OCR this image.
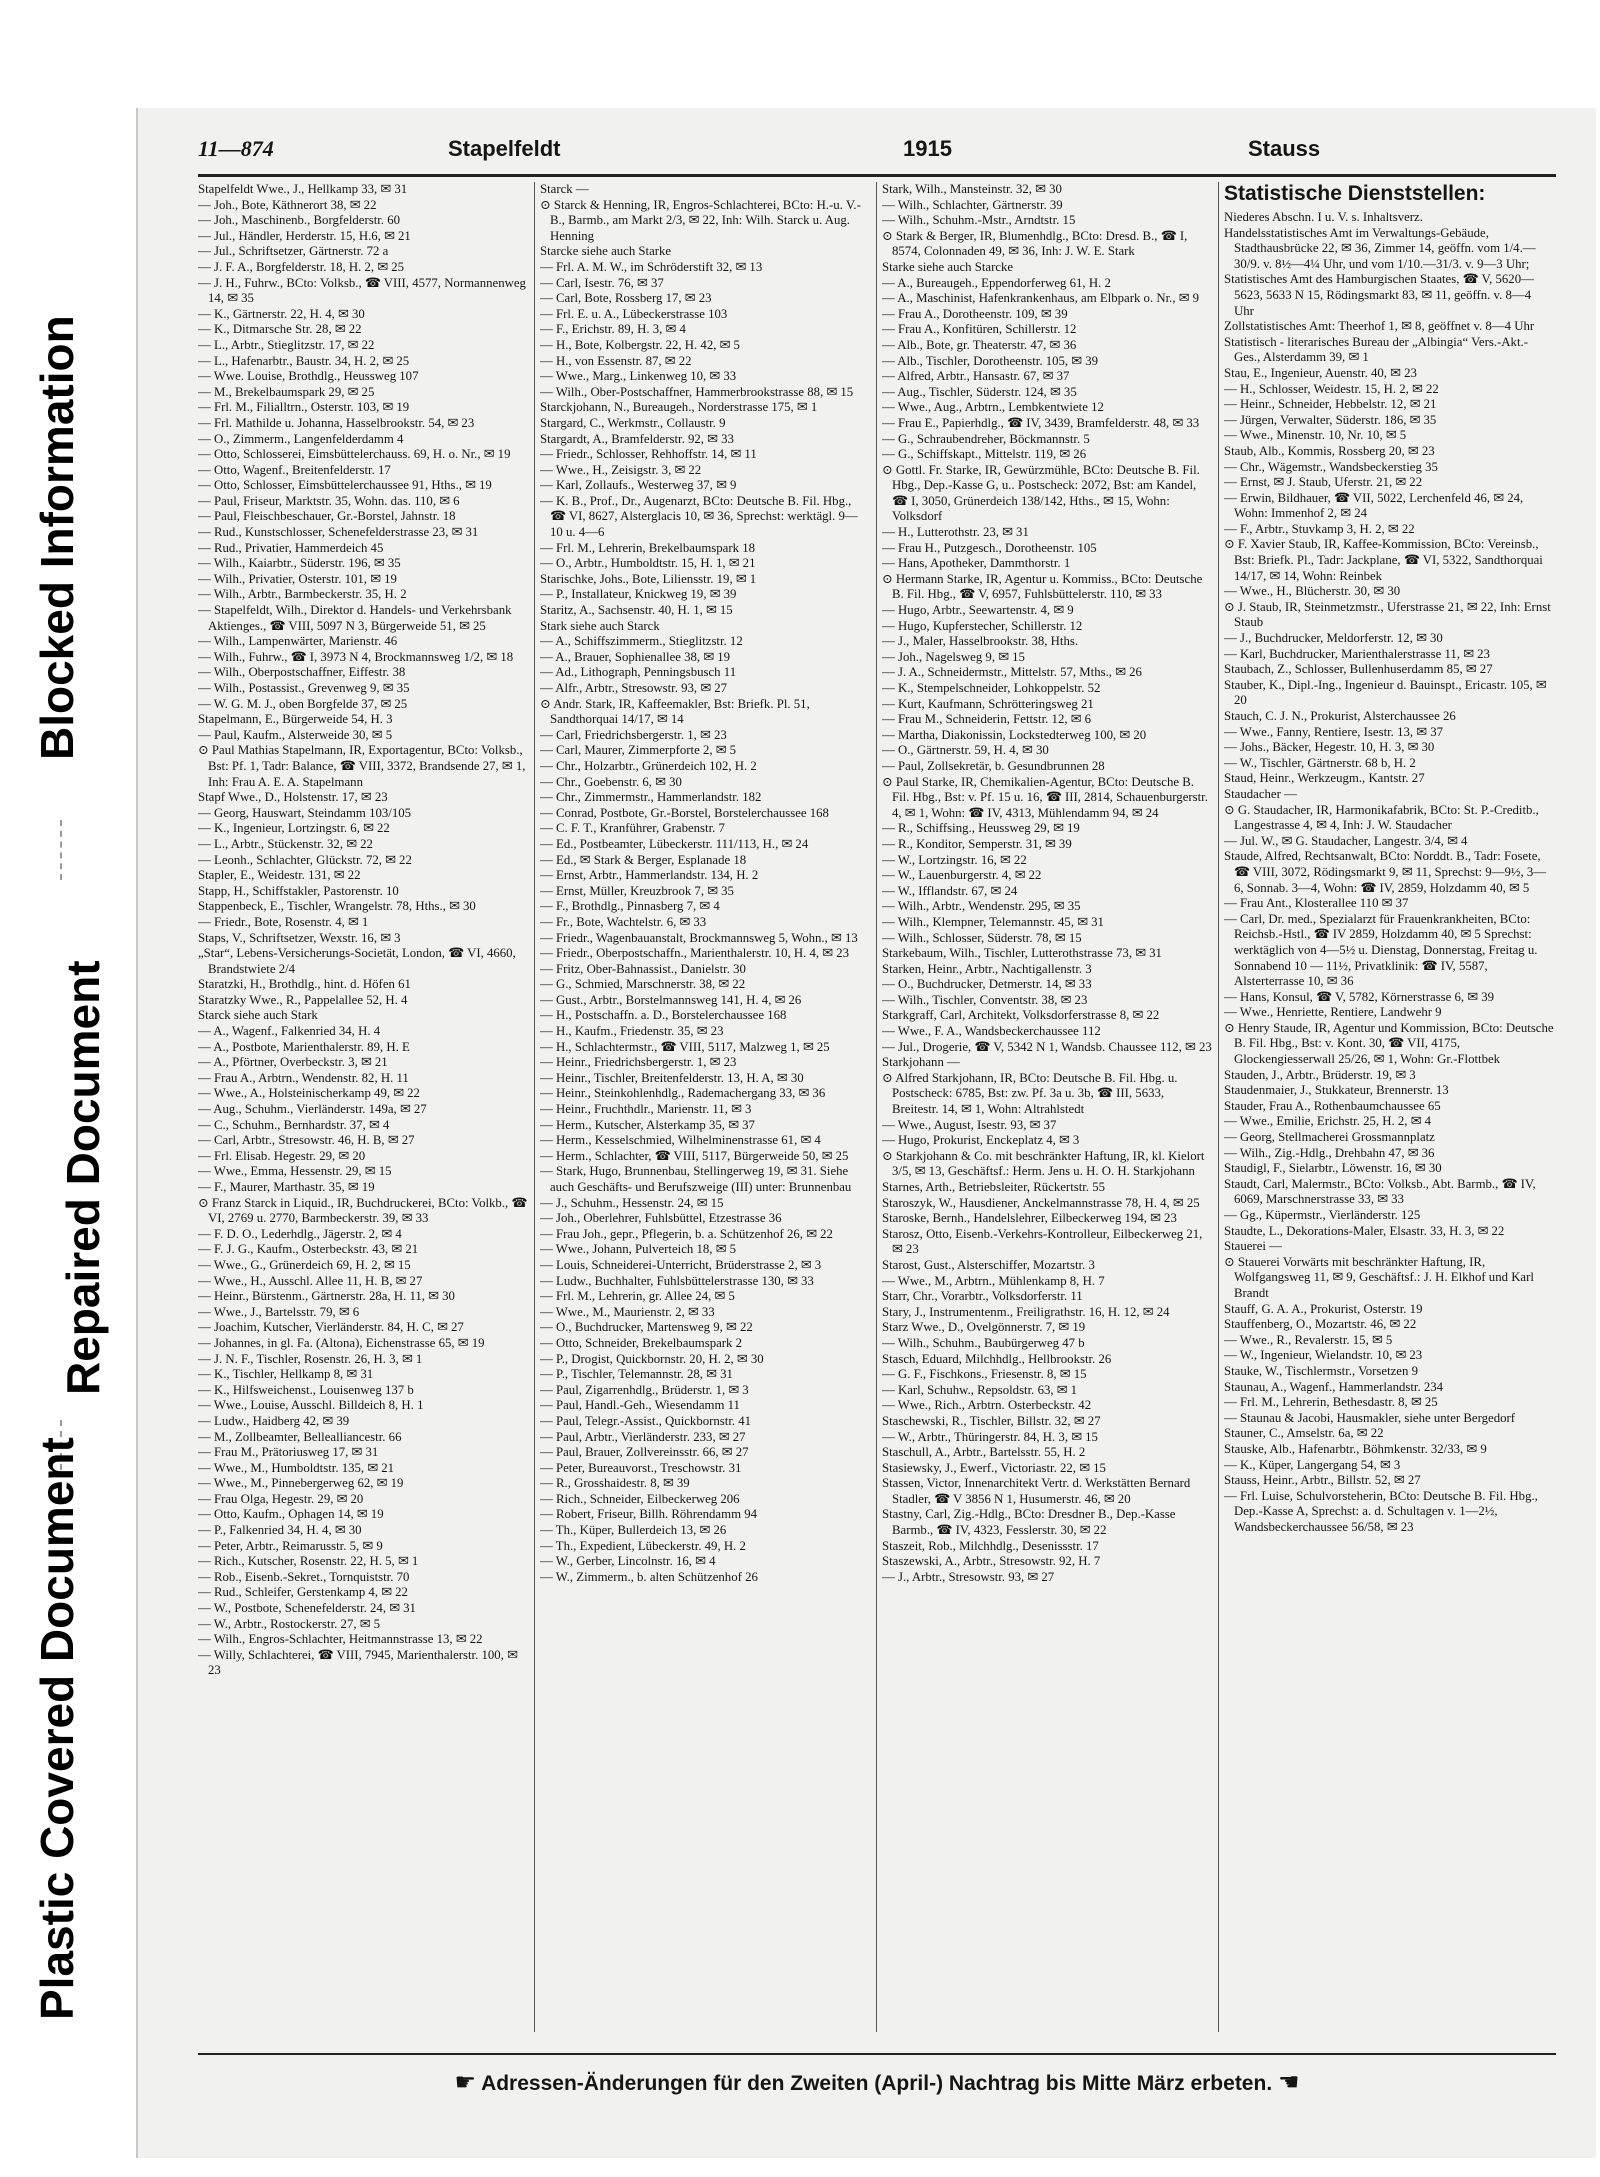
Blocked Information
Repaired Document
Plastic Covered Document
11—874	Stapelfeldt	1915	Stauss

Stapelfeldt Wwe., J., Hellkamp 33, ✉ 31

— Joh., Bote, Käthnerort 38, ✉ 22

— Joh., Maschinenb., Borgfelderstr. 60

— Jul., Händler, Herderstr. 15, H.6, ✉ 21

— Jul., Schriftsetzer, Gärtnerstr. 72 a

— J. F. A., Borgfelderstr. 18, H. 2, ✉ 25

— J. H., Fuhrw., BCto: Volksb., ☎ VIII, 4577, Normannenweg 14, ✉ 35

— K., Gärtnerstr. 22, H. 4, ✉ 30

— K., Ditmarsche Str. 28, ✉ 22

— L., Arbtr., Stieglitzstr. 17, ✉ 22

— L., Hafenarbtr., Baustr. 34, H. 2, ✉ 25

— Wwe. Louise, Brothdlg., Heussweg 107

— M., Brekelbaumspark 29, ✉ 25

— Frl. M., Filialltrn., Osterstr. 103, ✉ 19

— Frl. Mathilde u. Johanna, Hasselbrookstr. 54, ✉ 23

— O., Zimmerm., Langenfelderdamm 4

— Otto, Schlosserei, Eimsbüttelerchauss. 69, H. o. Nr., ✉ 19

— Otto, Wagenf., Breitenfelderstr. 17

— Otto, Schlosser, Eimsbüttelerchaussee 91, Hths., ✉ 19

— Paul, Friseur, Marktstr. 35, Wohn. das. 110, ✉ 6

— Paul, Fleischbeschauer, Gr.-Borstel, Jahnstr. 18

— Rud., Kunstschlosser, Schenefelderstrasse 23, ✉ 31

— Rud., Privatier, Hammerdeich 45

— Wilh., Kaiarbtr., Süderstr. 196, ✉ 35

— Wilh., Privatier, Osterstr. 101, ✉ 19

— Wilh., Arbtr., Barmbeckerstr. 35, H. 2

— Stapelfeldt, Wilh., Direktor d. Handels- und Verkehrsbank Aktienges., ☎ VIII, 5097 N 3, Bürgerweide 51, ✉ 25

— Wilh., Lampenwärter, Marienstr. 46

— Wilh., Fuhrw., ☎ I, 3973 N 4, Brockmannsweg 1/2, ✉ 18

— Wilh., Oberpostschaffner, Eiffestr. 38

— Wilh., Postassist., Grevenweg 9, ✉ 35

— W. G. M. J., oben Borgfelde 37, ✉ 25

Stapelmann, E., Bürgerweide 54, H. 3

— Paul, Kaufm., Alsterweide 30, ✉ 5

⊙ Paul Mathias Stapelmann, IR, Exportagentur, BCto: Volksb., Bst: Pf. 1, Tadr: Balance, ☎ VIII, 3372, Brandsende 27, ✉ 1, Inh: Frau A. E. A. Stapelmann

Stapf Wwe., D., Holstenstr. 17, ✉ 23

— Georg, Hauswart, Steindamm 103/105

— K., Ingenieur, Lortzingstr. 6, ✉ 22

— L., Arbtr., Stückenstr. 32, ✉ 22

— Leonh., Schlachter, Glückstr. 72, ✉ 22

Stapler, E., Weidestr. 131, ✉ 22

Stapp, H., Schiffstakler, Pastorenstr. 10

Stappenbeck, E., Tischler, Wrangelstr. 78, Hths., ✉ 30

— Friedr., Bote, Rosenstr. 4, ✉ 1

Staps, V., Schriftsetzer, Wexstr. 16, ✉ 3

„Star“, Lebens-Versicherungs-Societät, London, ☎ VI, 4660, Brandstwiete 2/4

Staratzki, H., Brothdlg., hint. d. Höfen 61

Staratzky Wwe., R., Pappelallee 52, H. 4

Starck siehe auch Stark

— A., Wagenf., Falkenried 34, H. 4

— A., Postbote, Marienthalerstr. 89, H. E

— A., Pförtner, Overbeckstr. 3, ✉ 21

— Frau A., Arbtrn., Wendenstr. 82, H. 11

— Wwe., A., Holsteinischerkamp 49, ✉ 22

— Aug., Schuhm., Vierländerstr. 149a, ✉ 27

— C., Schuhm., Bernhardstr. 37, ✉ 4

— Carl, Arbtr., Stresowstr. 46, H. B, ✉ 27

— Frl. Elisab. Hegestr. 29, ✉ 20

— Wwe., Emma, Hessenstr. 29, ✉ 15

— F., Maurer, Marthastr. 35, ✉ 19

⊙ Franz Starck in Liquid., IR, Buchdruckerei, BCto: Volkb., ☎ VI, 2769 u. 2770, Barmbeckerstr. 39, ✉ 33

— F. D. O., Lederhdlg., Jägerstr. 2, ✉ 4

— F. J. G., Kaufm., Osterbeckstr. 43, ✉ 21

— Wwe., G., Grünerdeich 69, H. 2, ✉ 15

— Wwe., H., Ausschl. Allee 11, H. B, ✉ 27

— Heinr., Bürstenm., Gärtnerstr. 28a, H. 11, ✉ 30

— Wwe., J., Bartelsstr. 79, ✉ 6

— Joachim, Kutscher, Vierländerstr. 84, H. C, ✉ 27

— Johannes, in gl. Fa. (Altona), Eichenstrasse 65, ✉ 19

— J. N. F., Tischler, Rosenstr. 26, H. 3, ✉ 1

— K., Tischler, Hellkamp 8, ✉ 31

— K., Hilfsweichenst., Louisenweg 137 b

— Wwe., Louise, Ausschl. Billdeich 8, H. 1

— Ludw., Haidberg 42, ✉ 39

— M., Zollbeamter, Bellealliancestr. 66

— Frau M., Prätoriusweg 17, ✉ 31

— Wwe., M., Humboldtstr. 135, ✉ 21

— Wwe., M., Pinnebergerweg 62, ✉ 19

— Frau Olga, Hegestr. 29, ✉ 20

— Otto, Kaufm., Ophagen 14, ✉ 19

— P., Falkenried 34, H. 4, ✉ 30

— Peter, Arbtr., Reimarusstr. 5, ✉ 9

— Rich., Kutscher, Rosenstr. 22, H. 5, ✉ 1

— Rob., Eisenb.-Sekret., Tornquiststr. 70

— Rud., Schleifer, Gerstenkamp 4, ✉ 22

— W., Postbote, Schenefelderstr. 24, ✉ 31

— W., Arbtr., Rostockerstr. 27, ✉ 5

— Wilh., Engros-Schlachter, Heitmannstrasse 13, ✉ 22

— Willy, Schlachterei, ☎ VIII, 7945, Marienthalerstr. 100, ✉ 23

Starck —

⊙ Starck & Henning, IR, Engros-Schlachterei, BCto: H.-u. V.-B., Barmb., am Markt 2/3, ✉ 22, Inh: Wilh. Starck u. Aug. Henning

Starcke siehe auch Starke

— Frl. A. M. W., im Schröderstift 32, ✉ 13

— Carl, Isestr. 76, ✉ 37

— Carl, Bote, Rossberg 17, ✉ 23

— Frl. E. u. A., Lübeckerstrasse 103

— F., Erichstr. 89, H. 3, ✉ 4

— H., Bote, Kolbergstr. 22, H. 42, ✉ 5

— H., von Essenstr. 87, ✉ 22

— Wwe., Marg., Linkenweg 10, ✉ 33

— Wilh., Ober-Postschaffner, Hammerbrookstrasse 88, ✉ 15

Starckjohann, N., Bureaugeh., Norderstrasse 175, ✉ 1

Stargard, C., Werkmstr., Collaustr. 9

Stargardt, A., Bramfelderstr. 92, ✉ 33

— Friedr., Schlosser, Rehhoffstr. 14, ✉ 11

— Wwe., H., Zeisigstr. 3, ✉ 22

— Karl, Zollaufs., Westerweg 37, ✉ 9

— K. B., Prof., Dr., Augenarzt, BCto: Deutsche B. Fil. Hbg., ☎ VI, 8627, Alsterglacis 10, ✉ 36, Sprechst: werktägl. 9—10 u. 4—6

— Frl. M., Lehrerin, Brekelbaumspark 18

— O., Arbtr., Humboldtstr. 15, H. 1, ✉ 21

Starischke, Johs., Bote, Liliensstr. 19, ✉ 1

— P., Installateur, Knickweg 19, ✉ 39

Staritz, A., Sachsenstr. 40, H. 1, ✉ 15

Stark siehe auch Starck

— A., Schiffszimmerm., Stieglitzstr. 12

— A., Brauer, Sophienallee 38, ✉ 19

— Ad., Lithograph, Penningsbusch 11

— Alfr., Arbtr., Stresowstr. 93, ✉ 27

⊙ Andr. Stark, IR, Kaffeemakler, Bst: Briefk. Pl. 51, Sandthorquai 14/17, ✉ 14

— Carl, Friedrichsbergerstr. 1, ✉ 23

— Carl, Maurer, Zimmerpforte 2, ✉ 5

— Chr., Holzarbtr., Grünerdeich 102, H. 2

— Chr., Goebenstr. 6, ✉ 30

— Chr., Zimmermstr., Hammerlandstr. 182

— Conrad, Postbote, Gr.-Borstel, Borstelerchaussee 168

— C. F. T., Kranführer, Grabenstr. 7

— Ed., Postbeamter, Lübeckerstr. 111/113, H., ✉ 24

— Ed., ✉ Stark & Berger, Esplanade 18

— Ernst, Arbtr., Hammerlandstr. 134, H. 2

— Ernst, Müller, Kreuzbrook 7, ✉ 35

— F., Brothdlg., Pinnasberg 7, ✉ 4

— Fr., Bote, Wachtelstr. 6, ✉ 33

— Friedr., Wagenbauanstalt, Brockmannsweg 5, Wohn., ✉ 13

— Friedr., Oberpostschaffn., Marienthalerstr. 10, H. 4, ✉ 23

— Fritz, Ober-Bahnassist., Danielstr. 30

— G., Schmied, Marschnerstr. 38, ✉ 22

— Gust., Arbtr., Borstelmannsweg 141, H. 4, ✉ 26

— H., Postschaffn. a. D., Borstelerchaussee 168

— H., Kaufm., Friedenstr. 35, ✉ 23

— H., Schlachtermstr., ☎ VIII, 5117, Malzweg 1, ✉ 25

— Heinr., Friedrichsbergerstr. 1, ✉ 23

— Heinr., Tischler, Breitenfelderstr. 13, H. A, ✉ 30

— Heinr., Steinkohlenhdlg., Rademachergang 33, ✉ 36

— Heinr., Fruchthdlr., Marienstr. 11, ✉ 3

— Herm., Kutscher, Alsterkamp 35, ✉ 37

— Herm., Kesselschmied, Wilhelminenstrasse 61, ✉ 4

— Herm., Schlachter, ☎ VIII, 5117, Bürgerweide 50, ✉ 25

— Stark, Hugo, Brunnenbau, Stellingerweg 19, ✉ 31. Siehe auch Geschäfts- und Berufszweige (III) unter: Brunnenbau

— J., Schuhm., Hessenstr. 24, ✉ 15

— Joh., Oberlehrer, Fuhlsbüttel, Etzestrasse 36

— Frau Joh., gepr., Pflegerin, b. a. Schützenhof 26, ✉ 22

— Wwe., Johann, Pulverteich 18, ✉ 5

— Louis, Schneiderei-Unterricht, Brüderstrasse 2, ✉ 3

— Ludw., Buchhalter, Fuhlsbüttelerstrasse 130, ✉ 33

— Frl. M., Lehrerin, gr. Allee 24, ✉ 5

— Wwe., M., Maurienstr. 2, ✉ 33

— O., Buchdrucker, Martensweg 9, ✉ 22

— Otto, Schneider, Brekelbaumspark 2

— P., Drogist, Quickbornstr. 20, H. 2, ✉ 30

— P., Tischler, Telemannstr. 28, ✉ 31

— Paul, Zigarrenhdlg., Brüderstr. 1, ✉ 3

— Paul, Handl.-Geh., Wiesendamm 11

— Paul, Telegr.-Assist., Quickbornstr. 41

— Paul, Arbtr., Vierländerstr. 233, ✉ 27

— Paul, Brauer, Zollvereinsstr. 66, ✉ 27

— Peter, Bureauvorst., Treschowstr. 31

— R., Grosshaidestr. 8, ✉ 39

— Rich., Schneider, Eilbeckerweg 206

— Robert, Friseur, Billh. Röhrendamm 94

— Th., Küper, Bullerdeich 13, ✉ 26

— Th., Expedient, Lübeckerstr. 49, H. 2

— W., Gerber, Lincolnstr. 16, ✉ 4

— W., Zimmerm., b. alten Schützenhof 26

Stark, Wilh., Mansteinstr. 32, ✉ 30

— Wilh., Schlachter, Gärtnerstr. 39

— Wilh., Schuhm.-Mstr., Arndtstr. 15

⊙ Stark & Berger, IR, Blumenhdlg., BCto: Dresd. B., ☎ I, 8574, Colonnaden 49, ✉ 36, Inh: J. W. E. Stark

Starke siehe auch Starcke

— A., Bureaugeh., Eppendorferweg 61, H. 2

— A., Maschinist, Hafenkrankenhaus, am Elbpark o. Nr., ✉ 9

— Frau A., Dorotheenstr. 109, ✉ 39

— Frau A., Konfitüren, Schillerstr. 12

— Alb., Bote, gr. Theaterstr. 47, ✉ 36

— Alb., Tischler, Dorotheenstr. 105, ✉ 39

— Alfred, Arbtr., Hansastr. 67, ✉ 37

— Aug., Tischler, Süderstr. 124, ✉ 35

— Wwe., Aug., Arbtrn., Lembkentwiete 12

— Frau E., Papierhdlg., ☎ IV, 3439, Bramfelderstr. 48, ✉ 33

— G., Schraubendreher, Böckmannstr. 5

— G., Schiffskapt., Mittelstr. 119, ✉ 26

⊙ Gottl. Fr. Starke, IR, Gewürzmühle, BCto: Deutsche B. Fil. Hbg., Dep.-Kasse G, u.. Postscheck: 2072, Bst: am Kandel, ☎ I, 3050, Grünerdeich 138/142, Hths., ✉ 15, Wohn: Volksdorf

— H., Lutterothstr. 23, ✉ 31

— Frau H., Putzgesch., Dorotheenstr. 105

— Hans, Apotheker, Dammthorstr. 1

⊙ Hermann Starke, IR, Agentur u. Kommiss., BCto: Deutsche B. Fil. Hbg., ☎ V, 6957, Fuhlsbüttelerstr. 110, ✉ 33

— Hugo, Arbtr., Seewartenstr. 4, ✉ 9

— Hugo, Kupferstecher, Schillerstr. 12

— J., Maler, Hasselbrookstr. 38, Hths.

— Joh., Nagelsweg 9, ✉ 15

— J. A., Schneidermstr., Mittelstr. 57, Mths., ✉ 26

— K., Stempelschneider, Lohkoppelstr. 52

— Kurt, Kaufmann, Schrötteringsweg 21

— Frau M., Schneiderin, Fettstr. 12, ✉ 6

— Martha, Diakonissin, Lockstedterweg 100, ✉ 20

— O., Gärtnerstr. 59, H. 4, ✉ 30

— Paul, Zollsekretär, b. Gesundbrunnen 28

⊙ Paul Starke, IR, Chemikalien-Agentur, BCto: Deutsche B. Fil. Hbg., Bst: v. Pf. 15 u. 16, ☎ III, 2814, Schauenburgerstr. 4, ✉ 1, Wohn: ☎ IV, 4313, Mühlendamm 94, ✉ 24

— R., Schiffsing., Heussweg 29, ✉ 19

— R., Konditor, Semperstr. 31, ✉ 39

— W., Lortzingstr. 16, ✉ 22

— W., Lauenburgerstr. 4, ✉ 22

— W., Ifflandstr. 67, ✉ 24

— Wilh., Arbtr., Wendenstr. 295, ✉ 35

— Wilh., Klempner, Telemannstr. 45, ✉ 31

— Wilh., Schlosser, Süderstr. 78, ✉ 15

Starkebaum, Wilh., Tischler, Lutterothstrasse 73, ✉ 31

Starken, Heinr., Arbtr., Nachtigallenstr. 3

— O., Buchdrucker, Detmerstr. 14, ✉ 33

— Wilh., Tischler, Conventstr. 38, ✉ 23

Starkgraff, Carl, Architekt, Volksdorferstrasse 8, ✉ 22

— Wwe., F. A., Wandsbeckerchaussee 112

— Jul., Drogerie, ☎ V, 5342 N 1, Wandsb. Chaussee 112, ✉ 23

Starkjohann —

⊙ Alfred Starkjohann, IR, BCto: Deutsche B. Fil. Hbg. u. Postscheck: 6785, Bst: zw. Pf. 3a u. 3b, ☎ III, 5633, Breitestr. 14, ✉ 1, Wohn: Altrahlstedt

— Wwe., August, Isestr. 93, ✉ 37

— Hugo, Prokurist, Enckeplatz 4, ✉ 3

⊙ Starkjohann & Co. mit beschränkter Haftung, IR, kl. Kielort 3/5, ✉ 13, Geschäftsf.: Herm. Jens u. H. O. H. Starkjohann

Starnes, Arth., Betriebsleiter, Rückertstr. 55

Staroszyk, W., Hausdiener, Anckelmannstrasse 78, H. 4, ✉ 25

Staroske, Bernh., Handelslehrer, Eilbeckerweg 194, ✉ 23

Starosz, Otto, Eisenb.-Verkehrs-Kontrolleur, Eilbeckerweg 21, ✉ 23

Starost, Gust., Alsterschiffer, Mozartstr. 3

— Wwe., M., Arbtrn., Mühlenkamp 8, H. 7

Starr, Chr., Vorarbtr., Volksdorferstr. 11

Stary, J., Instrumentenm., Freiligrathstr. 16, H. 12, ✉ 24

Starz Wwe., D., Ovelgönnerstr. 7, ✉ 19

— Wilh., Schuhm., Baubürgerweg 47 b

Stasch, Eduard, Milchhdlg., Hellbrookstr. 26

— G. F., Fischkons., Friesenstr. 8, ✉ 15

— Karl, Schuhw., Repsoldstr. 63, ✉ 1

— Wwe., Rich., Arbtrn. Osterbeckstr. 42

Staschewski, R., Tischler, Billstr. 32, ✉ 27

— W., Arbtr., Thüringerstr. 84, H. 3, ✉ 15

Staschull, A., Arbtr., Bartelsstr. 55, H. 2

Stasiewsky, J., Ewerf., Victoriastr. 22, ✉ 15

Stassen, Victor, Innenarchitekt Vertr. d. Werkstätten Bernard Stadler, ☎ V 3856 N 1, Husumerstr. 46, ✉ 20

Stastny, Carl, Zig.-Hdlg., BCto: Dresdner B., Dep.-Kasse Barmb., ☎ IV, 4323, Fesslerstr. 30, ✉ 22

Staszeit, Rob., Milchhdlg., Desenissstr. 17

Staszewski, A., Arbtr., Stresowstr. 92, H. 7

— J., Arbtr., Stresowstr. 93, ✉ 27

Statistische Dienststellen:

Niederes Abschn. I u. V. s. Inhaltsverz.

Handelsstatistisches Amt im Verwaltungs-Gebäude, Stadthausbrücke 22, ✉ 36, Zimmer 14, geöffn. vom 1/4.—30/9. v. 8½—4¼ Uhr, und vom 1/10.—31/3. v. 9—3 Uhr;

Statistisches Amt des Hamburgischen Staates, ☎ V, 5620—5623, 5633 N 15, Rödingsmarkt 83, ✉ 11, geöffn. v. 8—4 Uhr

Zollstatistisches Amt: Theerhof 1, ✉ 8, geöffnet v. 8—4 Uhr

Statistisch - literarisches Bureau der „Albingia“ Vers.-Akt.-Ges., Alsterdamm 39, ✉ 1

Stau, E., Ingenieur, Auenstr. 40, ✉ 23

— H., Schlosser, Weidestr. 15, H. 2, ✉ 22

— Heinr., Schneider, Hebbelstr. 12, ✉ 21

— Jürgen, Verwalter, Süderstr. 186, ✉ 35

— Wwe., Minenstr. 10, Nr. 10, ✉ 5

Staub, Alb., Kommis, Rossberg 20, ✉ 23

— Chr., Wägemstr., Wandsbeckerstieg 35

— Ernst, ✉ J. Staub, Uferstr. 21, ✉ 22

— Erwin, Bildhauer, ☎ VII, 5022, Lerchenfeld 46, ✉ 24, Wohn: Immenhof 2, ✉ 24

— F., Arbtr., Stuvkamp 3, H. 2, ✉ 22

⊙ F. Xavier Staub, IR, Kaffee-Kommission, BCto: Vereinsb., Bst: Briefk. Pl., Tadr: Jackplane, ☎ VI, 5322, Sandthorquai 14/17, ✉ 14, Wohn: Reinbek

— Wwe., H., Blücherstr. 30, ✉ 30

⊙ J. Staub, IR, Steinmetzmstr., Uferstrasse 21, ✉ 22, Inh: Ernst Staub

— J., Buchdrucker, Meldorferstr. 12, ✉ 30

— Karl, Buchdrucker, Marienthalerstrasse 11, ✉ 23

Staubach, Z., Schlosser, Bullenhuserdamm 85, ✉ 27

Stauber, K., Dipl.-Ing., Ingenieur d. Bauinspt., Ericastr. 105, ✉ 20

Stauch, C. J. N., Prokurist, Alsterchaussee 26

— Wwe., Fanny, Rentiere, Isestr. 13, ✉ 37

— Johs., Bäcker, Hegestr. 10, H. 3, ✉ 30

— W., Tischler, Gärtnerstr. 68 b, H. 2

Staud, Heinr., Werkzeugm., Kantstr. 27

Staudacher —

⊙ G. Staudacher, IR, Harmonikafabrik, BCto: St. P.-Creditb., Langestrasse 4, ✉ 4, Inh: J. W. Staudacher

— Jul. W., ✉ G. Staudacher, Langestr. 3/4, ✉ 4

Staude, Alfred, Rechtsanwalt, BCto: Norddt. B., Tadr: Fosete, ☎ VIII, 3072, Rödingsmarkt 9, ✉ 11, Sprechst: 9—9½, 3—6, Sonnab. 3—4, Wohn: ☎ IV, 2859, Holzdamm 40, ✉ 5

— Frau Ant., Klosterallee 110 ✉ 37

— Carl, Dr. med., Spezialarzt für Frauenkrankheiten, BCto: Reichsb.-Hstl., ☎ IV 2859, Holzdamm 40, ✉ 5 Sprechst: werktäglich von 4—5½ u. Dienstag, Donnerstag, Freitag u. Sonnabend 10 — 11½, Privatklinik: ☎ IV, 5587, Alsterterrasse 10, ✉ 36

— Hans, Konsul, ☎ V, 5782, Körnerstrasse 6, ✉ 39

— Wwe., Henriette, Rentiere, Landwehr 9

⊙ Henry Staude, IR, Agentur und Kommission, BCto: Deutsche B. Fil. Hbg., Bst: v. Kont. 30, ☎ VII, 4175, Glockengiesserwall 25/26, ✉ 1, Wohn: Gr.-Flottbek

Stauden, J., Arbtr., Brüderstr. 19, ✉ 3

Staudenmaier, J., Stukkateur, Brennerstr. 13

Stauder, Frau A., Rothenbaumchaussee 65

— Wwe., Emilie, Erichstr. 25, H. 2, ✉ 4

— Georg, Stellmacherei Grossmannplatz

— Wilh., Zig.-Hdlg., Drehbahn 47, ✉ 36

Staudigl, F., Sielarbtr., Löwenstr. 16, ✉ 30

Staudt, Carl, Malermstr., BCto: Volksb., Abt. Barmb., ☎ IV, 6069, Marschnerstrasse 33, ✉ 33

— Gg., Küpermstr., Vierländerstr. 125

Staudte, L., Dekorations-Maler, Elsastr. 33, H. 3, ✉ 22

Stauerei —

⊙ Stauerei Vorwärts mit beschränkter Haftung, IR, Wolfgangsweg 11, ✉ 9, Geschäftsf.: J. H. Elkhof und Karl Brandt

Stauff, G. A. A., Prokurist, Osterstr. 19

Stauffenberg, O., Mozartstr. 46, ✉ 22

— Wwe., R., Revalerstr. 15, ✉ 5

— W., Ingenieur, Wielandstr. 10, ✉ 23

Stauke, W., Tischlermstr., Vorsetzen 9

Staunau, A., Wagenf., Hammerlandstr. 234

— Frl. M., Lehrerin, Bethesdastr. 8, ✉ 25

— Staunau & Jacobi, Hausmakler, siehe unter Bergedorf

Stauner, C., Amselstr. 6a, ✉ 22

Stauske, Alb., Hafenarbtr., Böhmkenstr. 32/33, ✉ 9

— K., Küper, Langergang 54, ✉ 3

Stauss, Heinr., Arbtr., Billstr. 52, ✉ 27

— Frl. Luise, Schulvorsteherin, BCto: Deutsche B. Fil. Hbg., Dep.-Kasse A, Sprechst: a. d. Schultagen v. 1—2½, Wandsbeckerchaussee 56/58, ✉ 23

☛ Adressen-Änderungen für den Zweiten (April-) Nachtrag bis Mitte März erbeten. ☚
